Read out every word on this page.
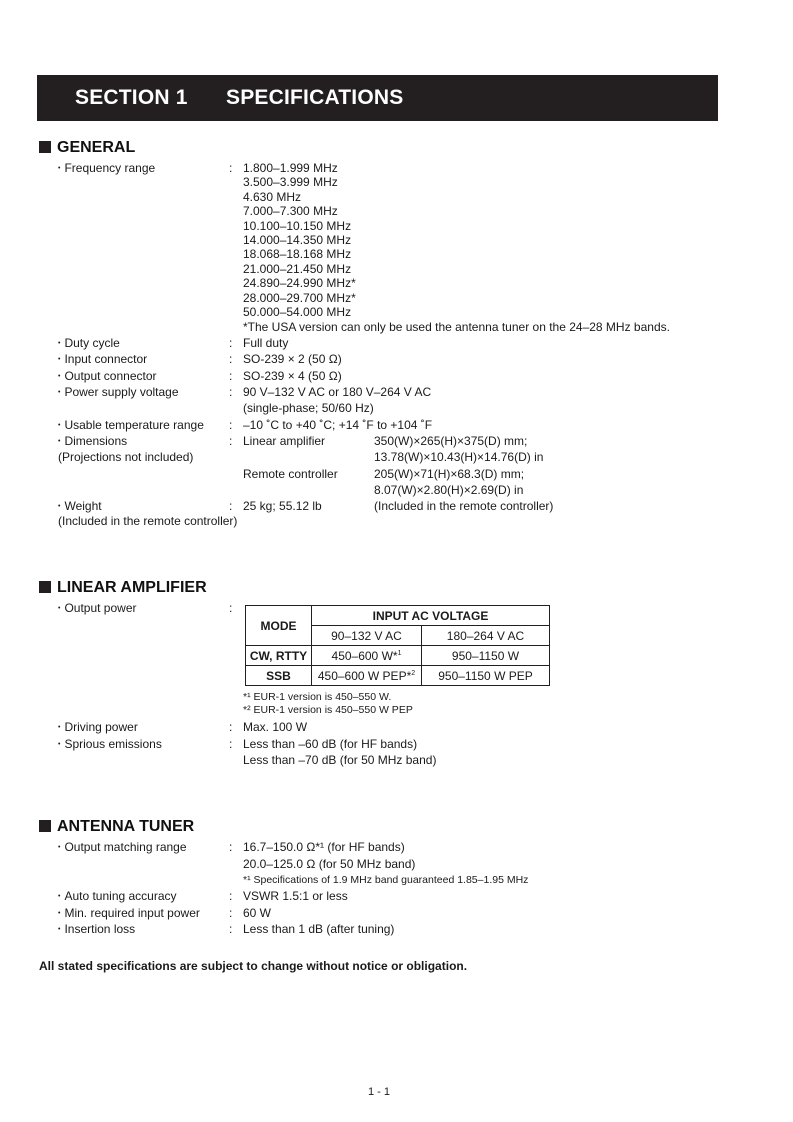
SECTION 1 SPECIFICATIONS
GENERAL
• Frequency range	: 1.800–1.999 MHz
3.500–3.999 MHz
4.630 MHz
7.000–7.300 MHz
10.100–10.150 MHz
14.000–14.350 MHz
18.068–18.168 MHz
21.000–21.450 MHz
24.890–24.990 MHz*
28.000–29.700 MHz*
50.000–54.000 MHz
*The USA version can only be used the antenna tuner on the 24–28 MHz bands.
• Duty cycle	: Full duty
• Input connector	: SO-239 × 2 (50 Ω)
• Output connector	: SO-239 × 4 (50 Ω)
• Power supply voltage	: 90 V–132 V AC or 180 V–264 V AC
(single-phase; 50/60 Hz)
• Usable temperature range : –10 ˚C to +40 ˚C; +14 ˚F to +104 ˚F
• Dimensions
(Projections not included)
: Linear amplifier	350(W)×265(H)×375(D) mm;
13.78(W)×10.43(H)×14.76(D) in
Remote controller	205(W)×71(H)×68.3(D) mm;
8.07(W)×2.80(H)×2.69(D) in
• Weight
(Included in the remote controller)
: 25 kg; 55.12 lb	(Included in the remote controller)
LINEAR AMPLIFIER
• Output power	:
MODE	INPUT AC VOLTAGE	
	90–132 V AC	180–264 V AC
CW, RTTY	450–600 W*$^1$	950–1150 W
SSB	450–600 W PEP*$^2$	950–1150 W PEP
*¹ EUR-1 version is 450–550 W.
*² EUR-1 version is 450–550 W PEP
• Driving power	: Max. 100 W
• Sprious emissions	: Less than –60 dB (for HF bands)
Less than –70 dB (for 50 MHz band)
ANTENNA TUNER
• Output matching range	: 16.7–150.0 Ω*¹ (for HF bands)
20.0–125.0 Ω (for 50 MHz band)
*¹ Specifications of 1.9 MHz band guaranteed 1.85–1.95 MHz
• Auto tuning accuracy	: VSWR 1.5:1 or less
• Min. required input power : 60 W
• Insertion loss	: Less than 1 dB (after tuning)
All stated specifications are subject to change without notice or obligation.
1 - 1
